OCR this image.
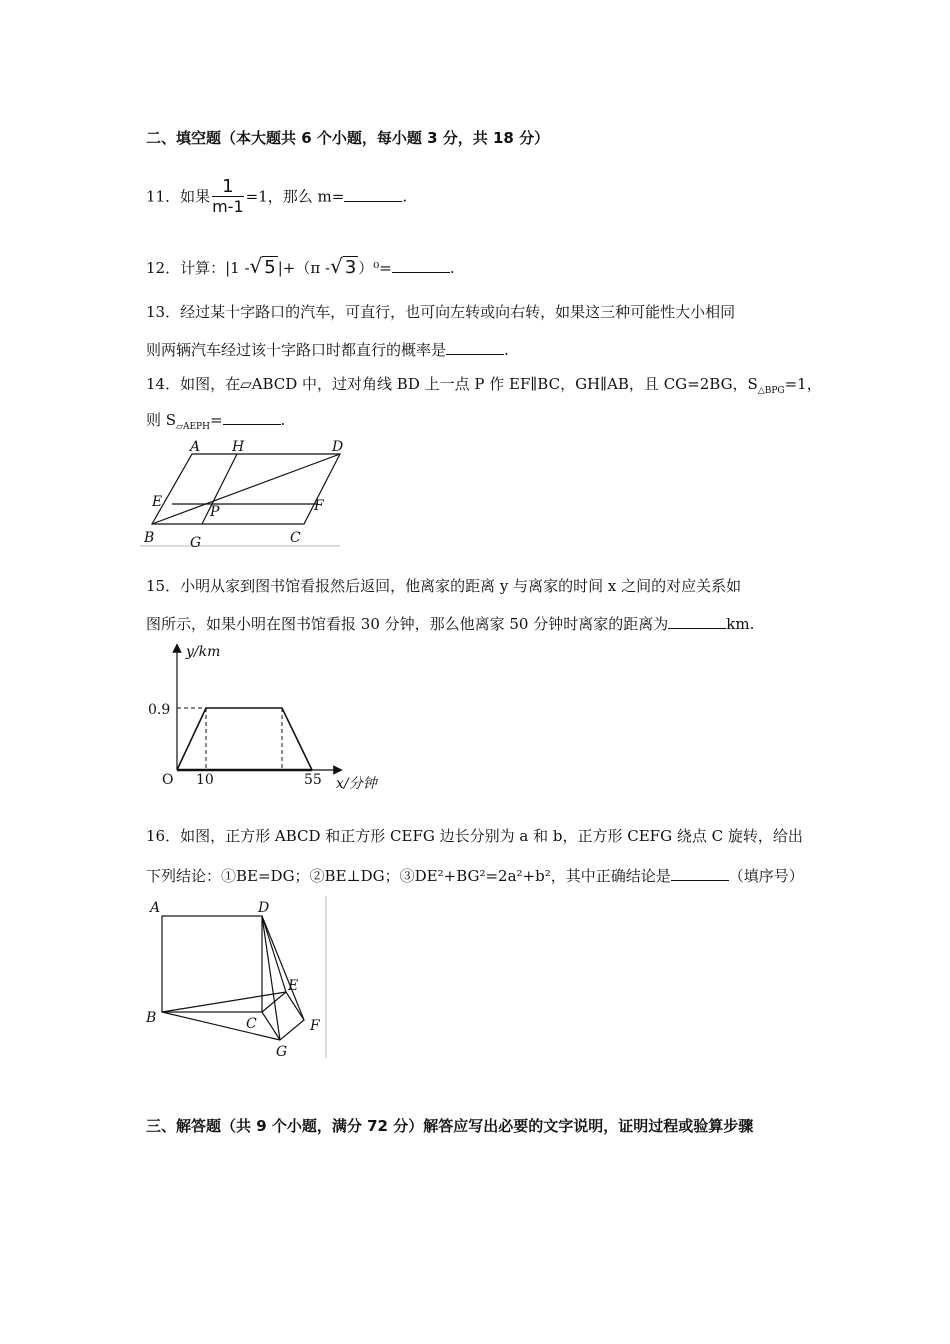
二、填空题（本大题共 6 个小题，每小题 3 分，共 18 分）
11．如果 $\frac{1}{m-1} =1$，那么 m=	.
12．计算：|1 -√ 5 |+（π -√ 3 ）⁰=	.
13．经过某十字路口的汽车，可直行，也可向左转或向右转，如果这三种可能性大小相同
则两辆汽车经过该十字路口时都直行的概率是	.
14．如图，在▱ABCD 中，过对角线 BD 上一点 P 作 EF∥BC，GH∥AB，且 CG=2BG，$S_{\triangle BPG}=1$，
则 $S_{▱AEPH}=$	.
A H	D
E
P	F
B	G	C
15．小明从家到图书馆看报然后返回，他离家的距离 y 与离家的时间 x 之间的对应关系如
图所示，如果小明在图书馆看报 30 分钟，那么他离家 50 分钟时离家的距离为	km.
y/km
x/分钟
0.9
O 10	55
16．如图，正方形 ABCD 和正方形 CEFG 边长分别为 a 和 b，正方形 CEFG 绕点 C 旋转，给出
下列结论：①BE=DG；②BE⊥DG；③DE²+BG²=2a²+b²，其中正确结论是	（填序号）
A	D
E
B	C	F
G
三、解答题（共 9 个小题，满分 72 分）解答应写出必要的文字说明，证明过程或验算步骤
